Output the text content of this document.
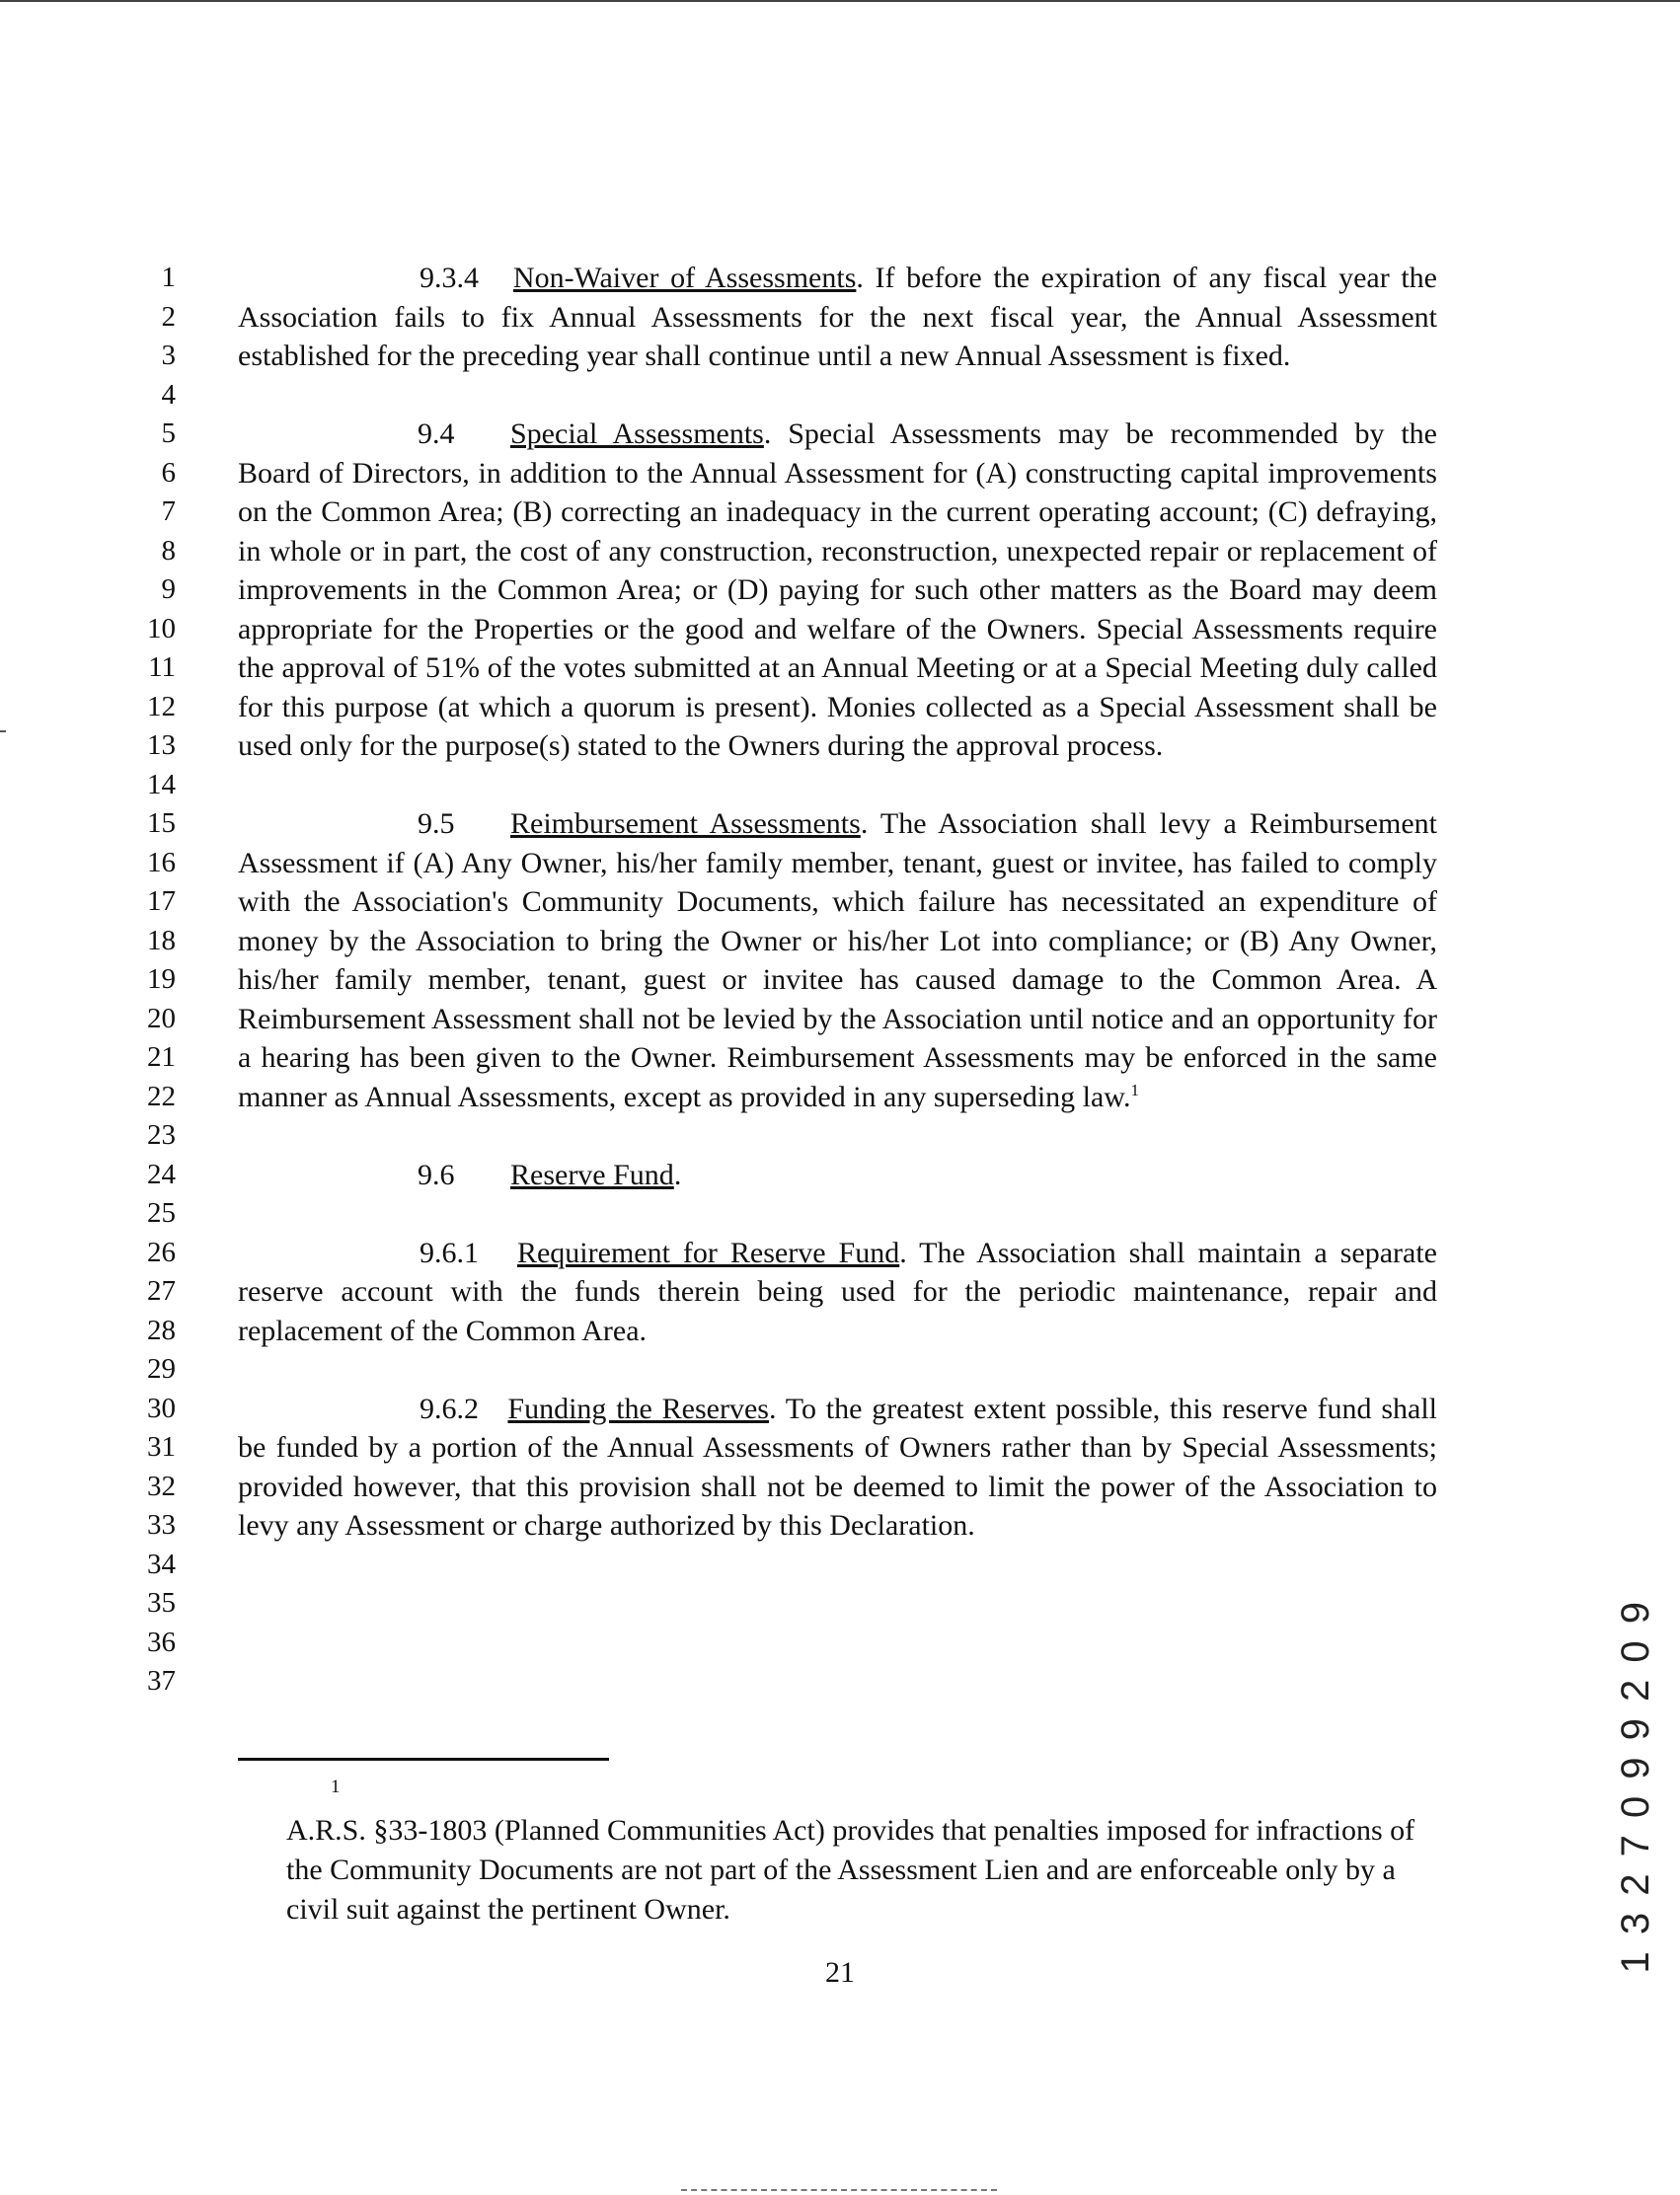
1
2
3
4
5
6
7
8
9
10
11
12
13
14
15
16
17
18
19
20
21
22
23
24
25
26
27
28
29
30
31
32
33
34
35
36
37

9.3.4 Non-Waiver of Assessments. If before the expiration of any fiscal year the Association fails to fix Annual Assessments for the next fiscal year, the Annual Assessment established for the preceding year shall continue until a new Annual Assessment is fixed.

9.4 Special Assessments. Special Assessments may be recommended by the Board of Directors, in addition to the Annual Assessment for (A) constructing capital improvements on the Common Area; (B) correcting an inadequacy in the current operating account; (C) defraying, in whole or in part, the cost of any construction, reconstruction, unexpected repair or replacement of improvements in the Common Area; or (D) paying for such other matters as the Board may deem appropriate for the Properties or the good and welfare of the Owners. Special Assessments require the approval of 51% of the votes submitted at an Annual Meeting or at a Special Meeting duly called for this purpose (at which a quorum is present). Monies collected as a Special Assessment shall be used only for the purpose(s) stated to the Owners during the approval process.

9.5 Reimbursement Assessments. The Association shall levy a Reimbursement Assessment if (A) Any Owner, his/her family member, tenant, guest or invitee, has failed to comply with the Association's Community Documents, which failure has necessitated an expenditure of money by the Association to bring the Owner or his/her Lot into compliance; or (B) Any Owner, his/her family member, tenant, guest or invitee has caused damage to the Common Area. A Reimbursement Assessment shall not be levied by the Association until notice and an opportunity for a hearing has been given to the Owner. Reimbursement Assessments may be enforced in the same manner as Annual Assessments, except as provided in any superseding law.$^1$

9.6 Reserve Fund.

9.6.1 Requirement for Reserve Fund. The Association shall maintain a separate reserve account with the funds therein being used for the periodic maintenance, repair and replacement of the Common Area.

9.6.2 Funding the Reserves. To the greatest extent possible, this reserve fund shall be funded by a portion of the Annual Assessments of Owners rather than by Special Assessments; provided however, that this provision shall not be deemed to limit the power of the Association to levy any Assessment or charge authorized by this Declaration.

1
A.R.S. §33-1803 (Planned Communities Act) provides that penalties imposed for infractions of the Community Documents are not part of the Assessment Lien and are enforceable only by a civil suit against the pertinent Owner.
21	1 3 2 7 0 9 9 2 0 9
